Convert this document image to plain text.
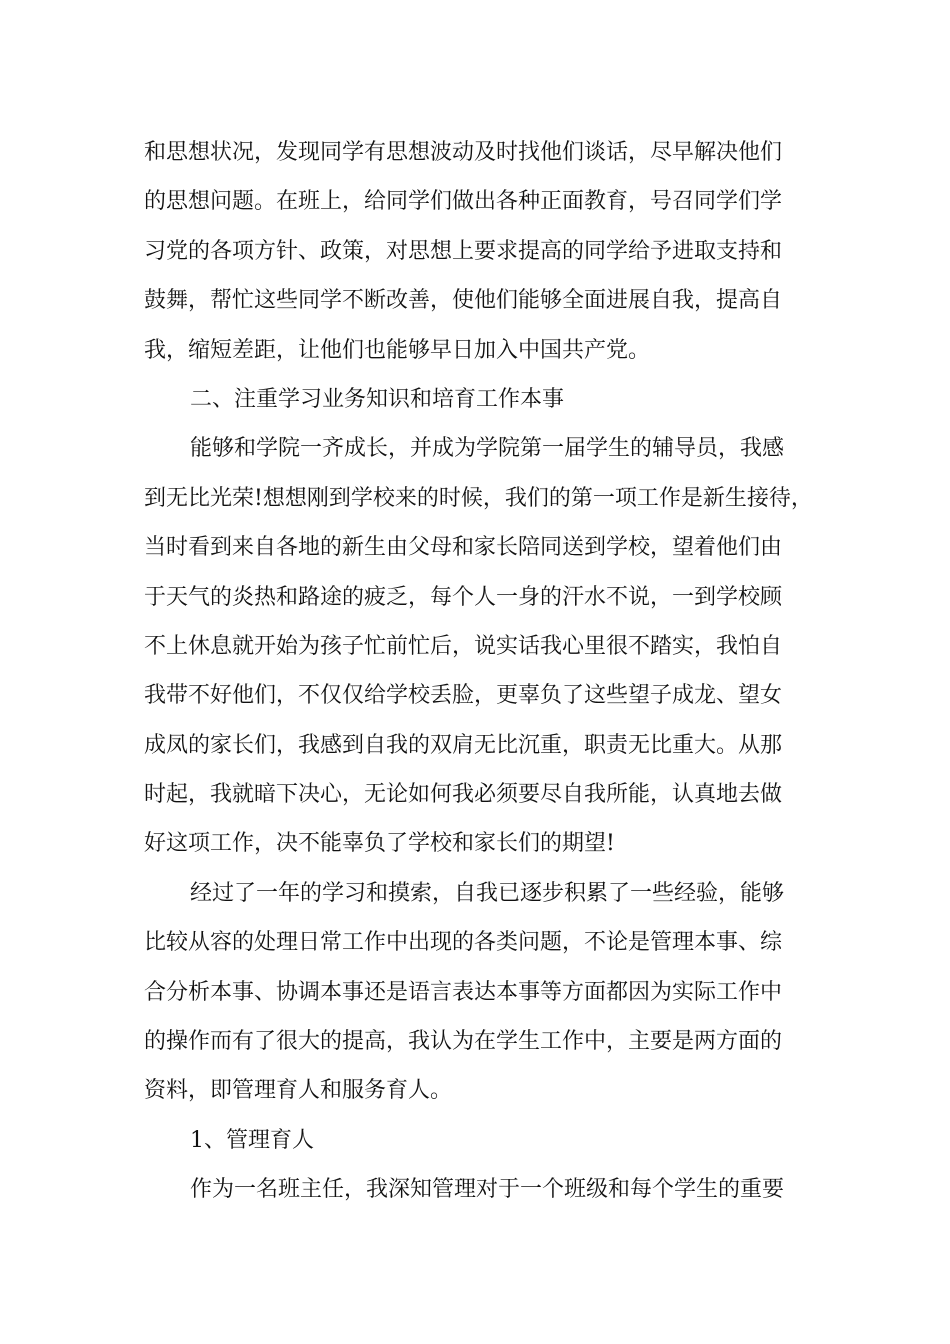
和思想状况，发现同学有思想波动及时找他们谈话，尽早解决他们
的思想问题。在班上，给同学们做出各种正面教育，号召同学们学
习党的各项方针、政策，对思想上要求提高的同学给予进取支持和
鼓舞，帮忙这些同学不断改善，使他们能够全面进展自我，提高自
我，缩短差距，让他们也能够早日加入中国共产党。
二、注重学习业务知识和培育工作本事
能够和学院一齐成长，并成为学院第一届学生的辅导员，我感
到无比光荣!想想刚到学校来的时候，我们的第一项工作是新生接待，
当时看到来自各地的新生由父母和家长陪同送到学校，望着他们由
于天气的炎热和路途的疲乏，每个人一身的汗水不说，一到学校顾
不上休息就开始为孩子忙前忙后，说实话我心里很不踏实，我怕自
我带不好他们，不仅仅给学校丢脸，更辜负了这些望子成龙、望女
成凤的家长们，我感到自我的双肩无比沉重，职责无比重大。从那
时起，我就暗下决心，无论如何我必须要尽自我所能，认真地去做
好这项工作，决不能辜负了学校和家长们的期望!
经过了一年的学习和摸索，自我已逐步积累了一些经验，能够
比较从容的处理日常工作中出现的各类问题，不论是管理本事、综
合分析本事、协调本事还是语言表达本事等方面都因为实际工作中
的操作而有了很大的提高，我认为在学生工作中，主要是两方面的
资料，即管理育人和服务育人。
1、管理育人
作为一名班主任，我深知管理对于一个班级和每个学生的重要
